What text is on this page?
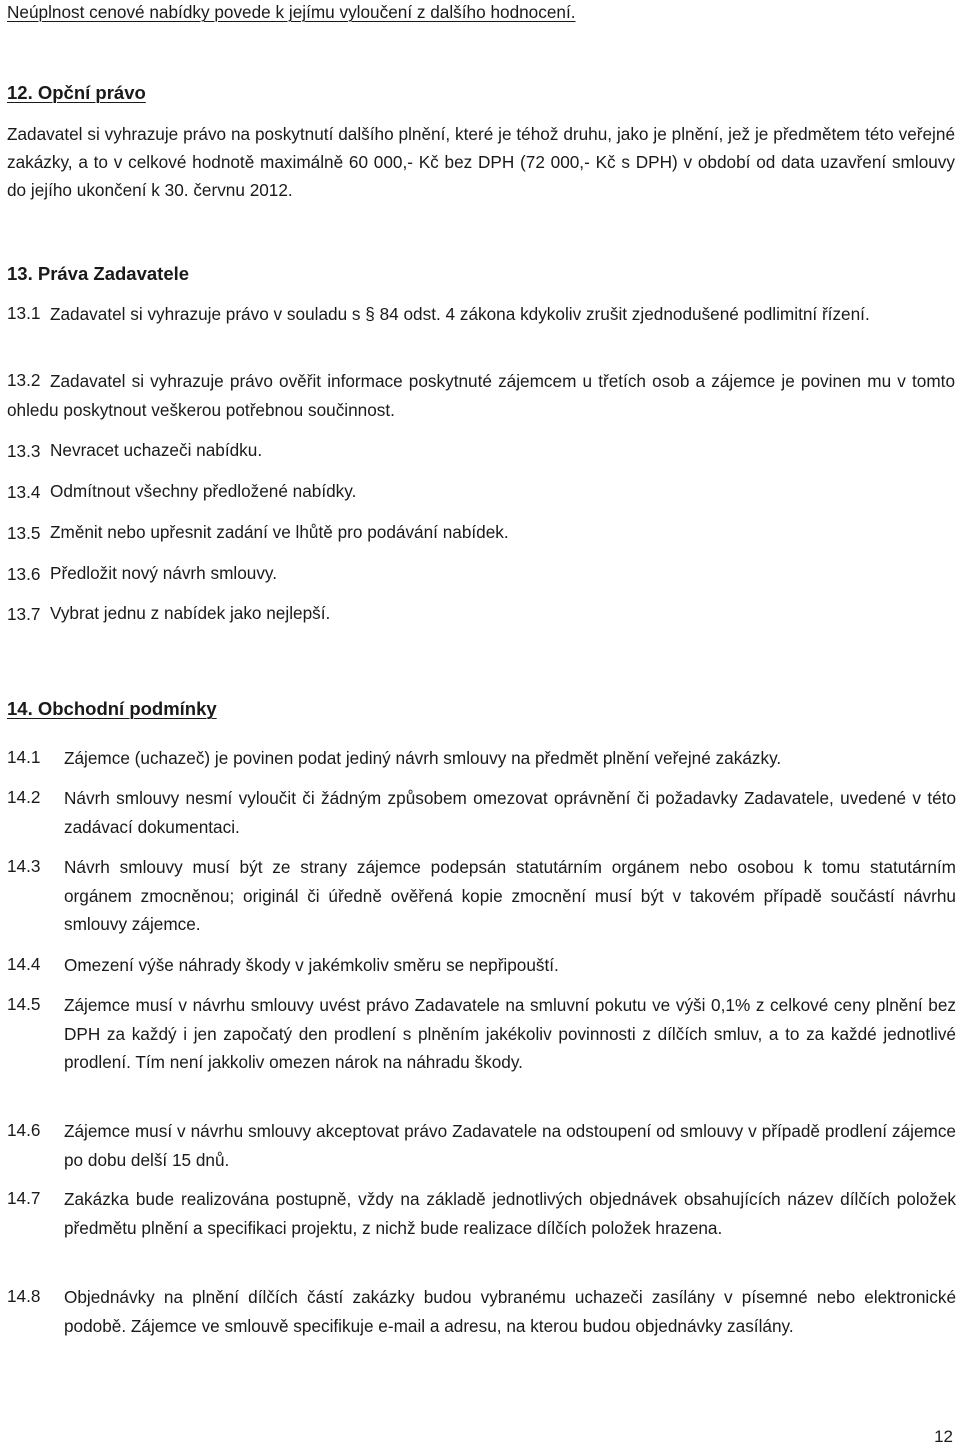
Neúplnost cenové nabídky povede k jejímu vyloučení z dalšího hodnocení.
12. Opční právo
Zadavatel si vyhrazuje právo na poskytnutí dalšího plnění, které je téhož druhu, jako je plnění, jež je předmětem této veřejné zakázky, a to v celkové hodnotě maximálně 60 000,- Kč bez DPH (72 000,- Kč s DPH) v období od data uzavření smlouvy do jejího ukončení k 30. červnu 2012.
13. Práva Zadavatele
13.1 Zadavatel si vyhrazuje právo v souladu s § 84 odst. 4 zákona kdykoliv zrušit zjednodušené podlimitní řízení.
13.2 Zadavatel si vyhrazuje právo ověřit informace poskytnuté zájemcem u třetích osob a zájemce je povinen mu v tomto ohledu poskytnout veškerou potřebnou součinnost.
13.3 Nevracet uchazeči nabídku.
13.4 Odmítnout všechny předložené nabídky.
13.5 Změnit nebo upřesnit zadání ve lhůtě pro podávání nabídek.
13.6 Předložit nový návrh smlouvy.
13.7 Vybrat jednu z nabídek jako nejlepší.
14. Obchodní podmínky
14.1 Zájemce (uchazeč) je povinen podat jediný návrh smlouvy na předmět plnění veřejné zakázky.
14.2 Návrh smlouvy nesmí vyloučit či žádným způsobem omezovat oprávnění či požadavky Zadavatele, uvedené v této zadávací dokumentaci.
14.3 Návrh smlouvy musí být ze strany zájemce podepsán statutárním orgánem nebo osobou k tomu statutárním orgánem zmocněnou; originál či úředně ověřená kopie zmocnění musí být v takovém případě součástí návrhu smlouvy zájemce.
14.4 Omezení výše náhrady škody v jakémkoliv směru se nepřipouští.
14.5 Zájemce musí v návrhu smlouvy uvést právo Zadavatele na smluvní pokutu ve výši 0,1% z celkové ceny plnění bez DPH za každý i jen započatý den prodlení s plněním jakékoliv povinnosti z dílčích smluv, a to za každé jednotlivé prodlení. Tím není jakkoliv omezen nárok na náhradu škody.
14.6 Zájemce musí v návrhu smlouvy akceptovat právo Zadavatele na odstoupení od smlouvy v případě prodlení zájemce po dobu delší 15 dnů.
14.7 Zakázka bude realizována postupně, vždy na základě jednotlivých objednávek obsahujících název dílčích položek předmětu plnění a specifikaci projektu, z nichž bude realizace dílčích položek hrazena.
14.8 Objednávky na plnění dílčích částí zakázky budou vybranému uchazeči zasílány v písemné nebo elektronické podobě. Zájemce ve smlouvě specifikuje e-mail a adresu, na kterou budou objednávky zasílány.
12
